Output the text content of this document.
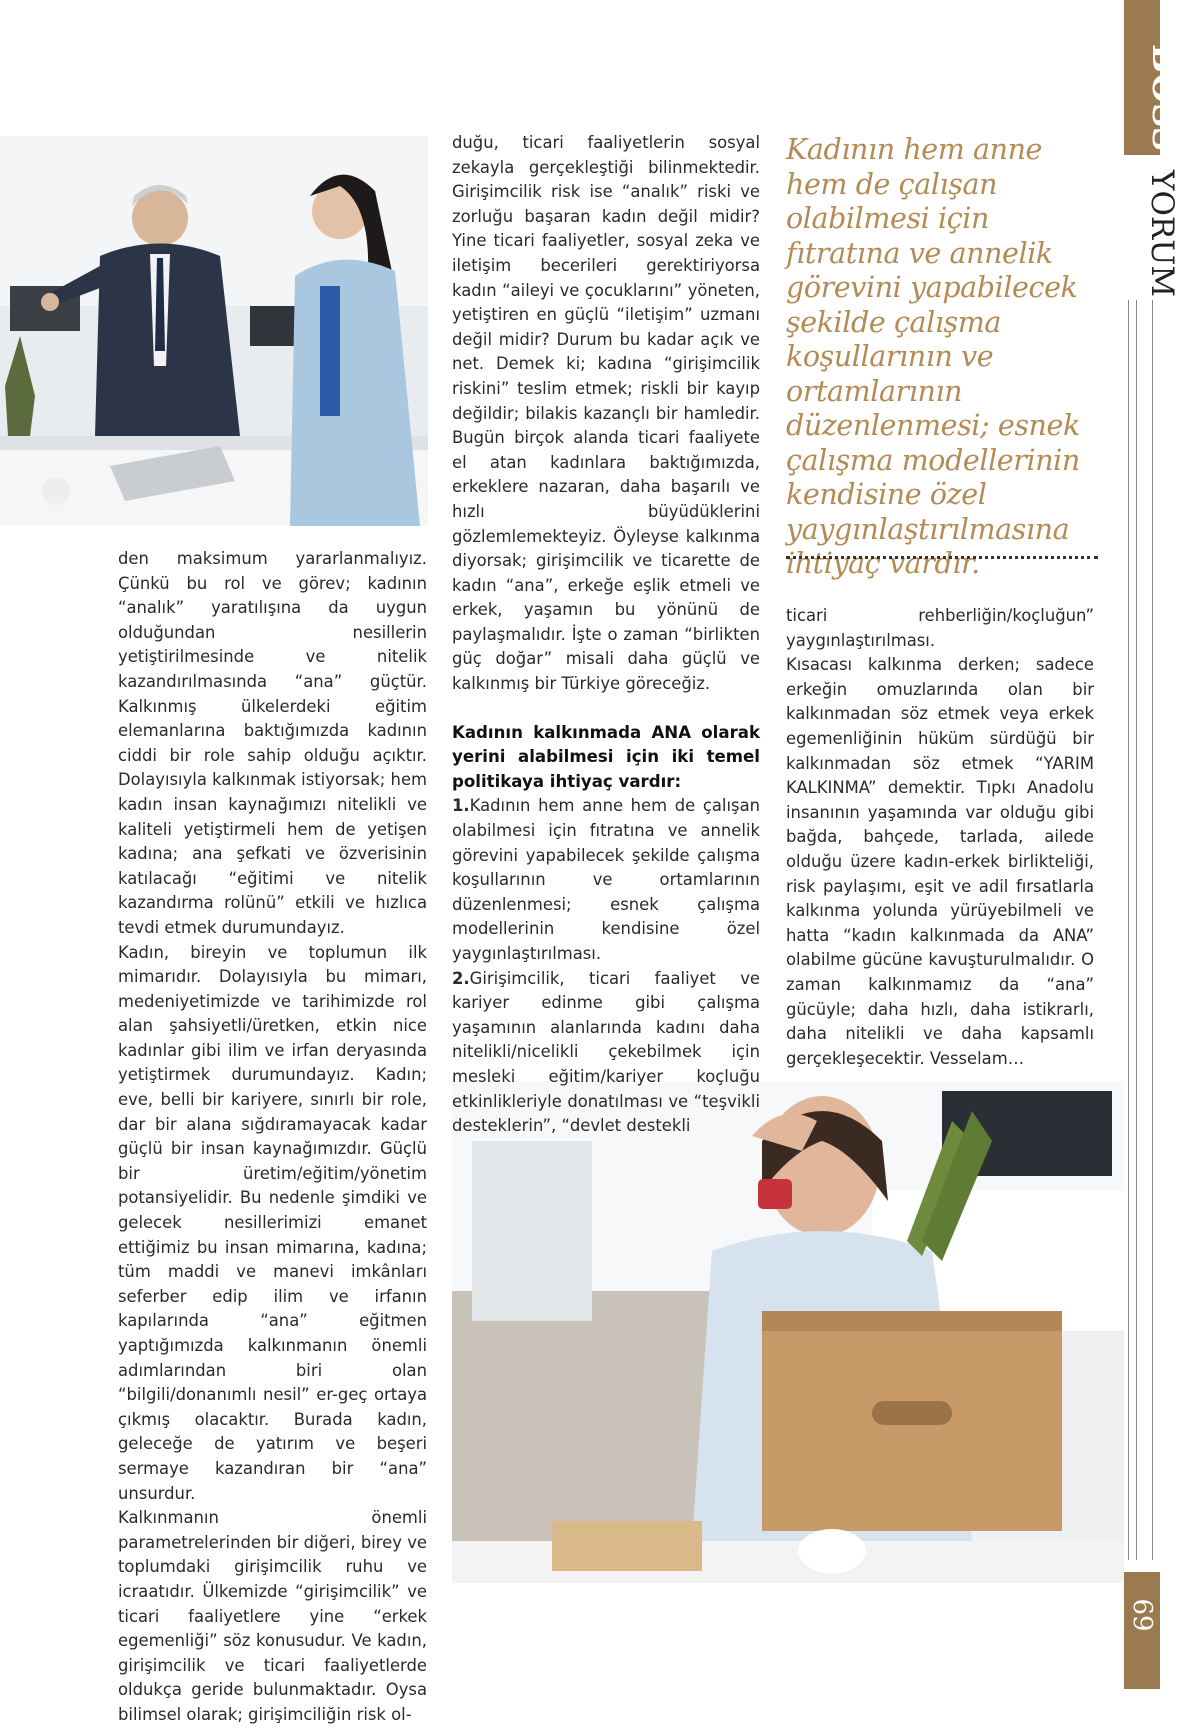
den maksimum yararlanmalıyız. Çünkü bu rol ve görev; kadının “analık” yaratılışına da uygun olduğundan nesillerin yetiştirilmesinde ve nitelik kazandırılmasında “ana” güçtür. Kalkınmış ülkelerdeki eğitim elemanlarına baktığımızda kadının ciddi bir role sahip olduğu açıktır. Dolayısıyla kalkınmak istiyorsak; hem kadın insan kaynağımızı nitelikli ve kaliteli yetiştirmeli hem de yetişen kadına; ana şefkati ve özverisinin katılacağı “eğitimi ve nitelik kazandırma rolünü” etkili ve hızlıca tevdi etmek durumundayız.

Kadın, bireyin ve toplumun ilk mimarıdır. Dolayısıyla bu mimarı, medeniyetimizde ve tarihimizde rol alan şahsiyetli/üretken, etkin nice kadınlar gibi ilim ve irfan deryasında yetiştirmek durumundayız. Kadın; eve, belli bir kariyere, sınırlı bir role, dar bir alana sığdıramayacak kadar güçlü bir insan kaynağımızdır. Güçlü bir üretim/eğitim/yönetim potansiyelidir. Bu nedenle şimdiki ve gelecek nesillerimizi emanet ettiğimiz bu insan mimarına, kadına; tüm maddi ve manevi imkânları seferber edip ilim ve irfanın kapılarında “ana” eğitmen yaptığımızda kalkınmanın önemli adımlarından biri olan “bilgili/donanımlı nesil” er-geç ortaya çıkmış olacaktır. Burada kadın, geleceğe de yatırım ve beşeri sermaye kazandıran bir “ana” unsurdur.

Kalkınmanın önemli parametrelerinden bir diğeri, birey ve toplumdaki girişimcilik ruhu ve icraatıdır. Ülkemizde “girişimcilik” ve ticari faaliyetlere yine “erkek egemenliği” söz konusudur. Ve kadın, girişimcilik ve ticari faaliyetlerde oldukça geride bulunmaktadır. Oysa bilimsel olarak; girişimciliğin risk ol-

duğu, ticari faaliyetlerin sosyal zekayla gerçekleştiği bilinmektedir. Girişimcilik risk ise “analık” riski ve zorluğu başaran kadın değil midir? Yine ticari faaliyetler, sosyal zeka ve iletişim becerileri gerektiriyorsa kadın “aileyi ve çocuklarını” yöneten, yetiştiren en güçlü “iletişim” uzmanı değil midir? Durum bu kadar açık ve net. Demek ki; kadına “girişimcilik riskini” teslim etmek; riskli bir kayıp değildir; bilakis kazançlı bir hamledir. Bugün birçok alanda ticari faaliyete el atan kadınlara baktığımızda, erkeklere nazaran, daha başarılı ve hızlı büyüdüklerini gözlemlemekteyiz. Öyleyse kalkınma diyorsak; girişimcilik ve ticarette de kadın “ana”, erkeğe eşlik etmeli ve erkek, yaşamın bu yönünü de paylaşmalıdır. İşte o zaman “birlikten güç doğar” misali daha güçlü ve kalkınmış bir Türkiye göreceğiz.

Kadının kalkınmada ANA olarak yerini alabilmesi için iki temel politikaya ihtiyaç vardır:

1.Kadının hem anne hem de çalışan olabilmesi için fıtratına ve annelik görevini yapabilecek şekilde çalışma koşullarının ve ortamlarının düzenlenmesi; esnek çalışma modellerinin kendisine özel yaygınlaştırılması.

2.Girişimcilik, ticari faaliyet ve kariyer edinme gibi çalışma yaşamının alanlarında kadını daha nitelikli/nicelikli çekebilmek için mesleki eğitim/kariyer koçluğu etkinlikleriyle donatılması ve “teşvikli desteklerin”, “devlet destekli

Kadının hem anne hem de çalışan olabilmesi için fıtratına ve annelik görevini yapabilecek şekilde çalışma koşullarının ve ortamlarının düzenlenmesi; esnek çalışma modellerinin kendisine özel yaygınlaştırılmasına ihtiyaç vardır.

ticari rehberliğin/koçluğun” yaygınlaştırılması.

Kısacası kalkınma derken; sadece erkeğin omuzlarında olan bir kalkınmadan söz etmek veya erkek egemenliğinin hüküm sürdüğü bir kalkınmadan söz etmek “YARIM KALKINMA” demektir. Tıpkı Anadolu insanının yaşamında var olduğu gibi bağda, bahçede, tarlada, ailede olduğu üzere kadın-erkek birlikteliği, risk paylaşımı, eşit ve adil fırsatlarla kalkınma yolunda yürüyebilmeli ve hatta “kadın kalkınmada da ANA” olabilme gücüne kavuşturulmalıdır. O zaman kalkınmamız da “ana” gücüyle; daha hızlı, daha istikrarlı, daha nitelikli ve daha kapsamlı gerçekleşecektir. Vesselam…

BOSS
YORUM
69
